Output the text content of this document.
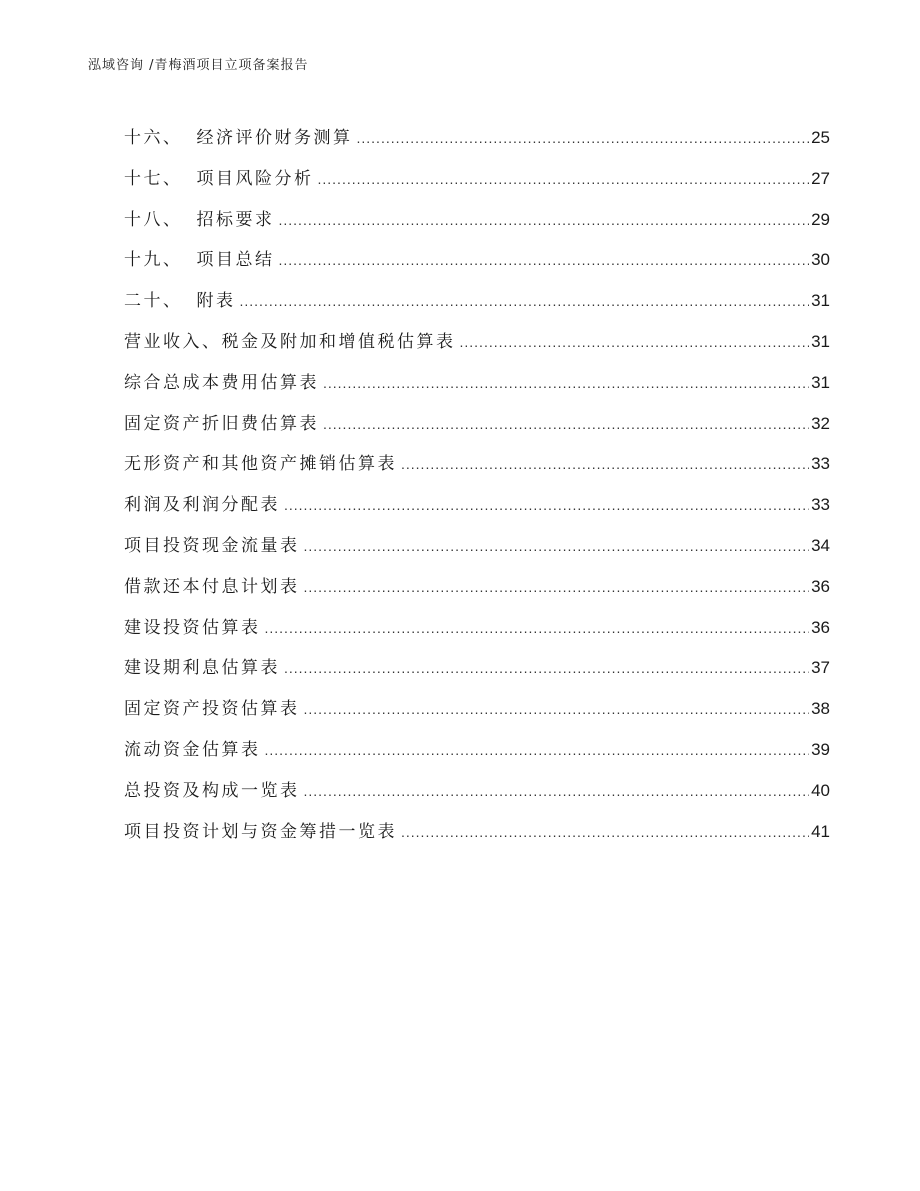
泓域咨询 /青梅酒项目立项备案报告
十六、 经济评价财务测算 .....	25
十七、 项目风险分析 .....	27
十八、 招标要求 .....	29
十九、 项目总结 .....	30
二十、 附表 .....	31
营业收入、税金及附加和增值税估算表 .....	31
综合总成本费用估算表 .....	31
固定资产折旧费估算表 .....	32
无形资产和其他资产摊销估算表 .....	33
利润及利润分配表 .....	33
项目投资现金流量表 .....	34
借款还本付息计划表 .....	36
建设投资估算表 .....	36
建设期利息估算表 .....	37
固定资产投资估算表 .....	38
流动资金估算表 .....	39
总投资及构成一览表 .....	40
项目投资计划与资金筹措一览表 .....	41
